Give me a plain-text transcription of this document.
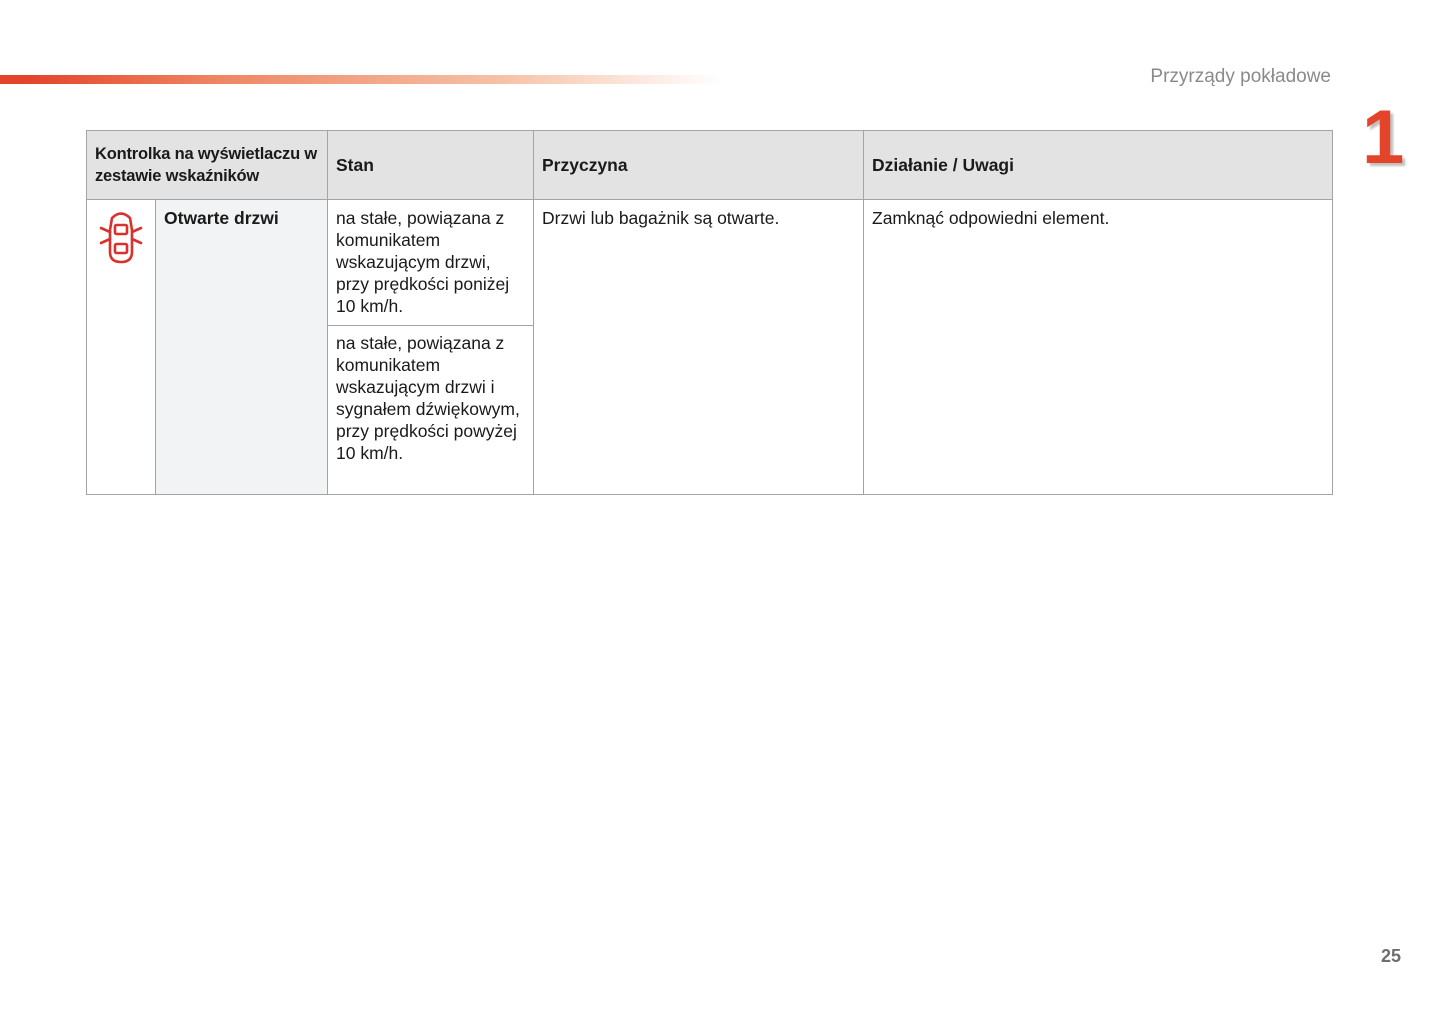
Przyrządy pokładowe
1
Kontrolka na wyświetlaczu w zestawie wskaźników		Stan	Przyczyna	Działanie / Uwagi
	Otwarte drzwi	na stałe, powiązana z komunikatem wskazującym drzwi, przy prędkości poniżej 10 km/h.
na stałe, powiązana z komunikatem wskazującym drzwi i sygnałem dźwiękowym, przy prędkości powyżej 10 km/h.	Drzwi lub bagażnik są otwarte.	Zamknąć odpowiedni element.
25
